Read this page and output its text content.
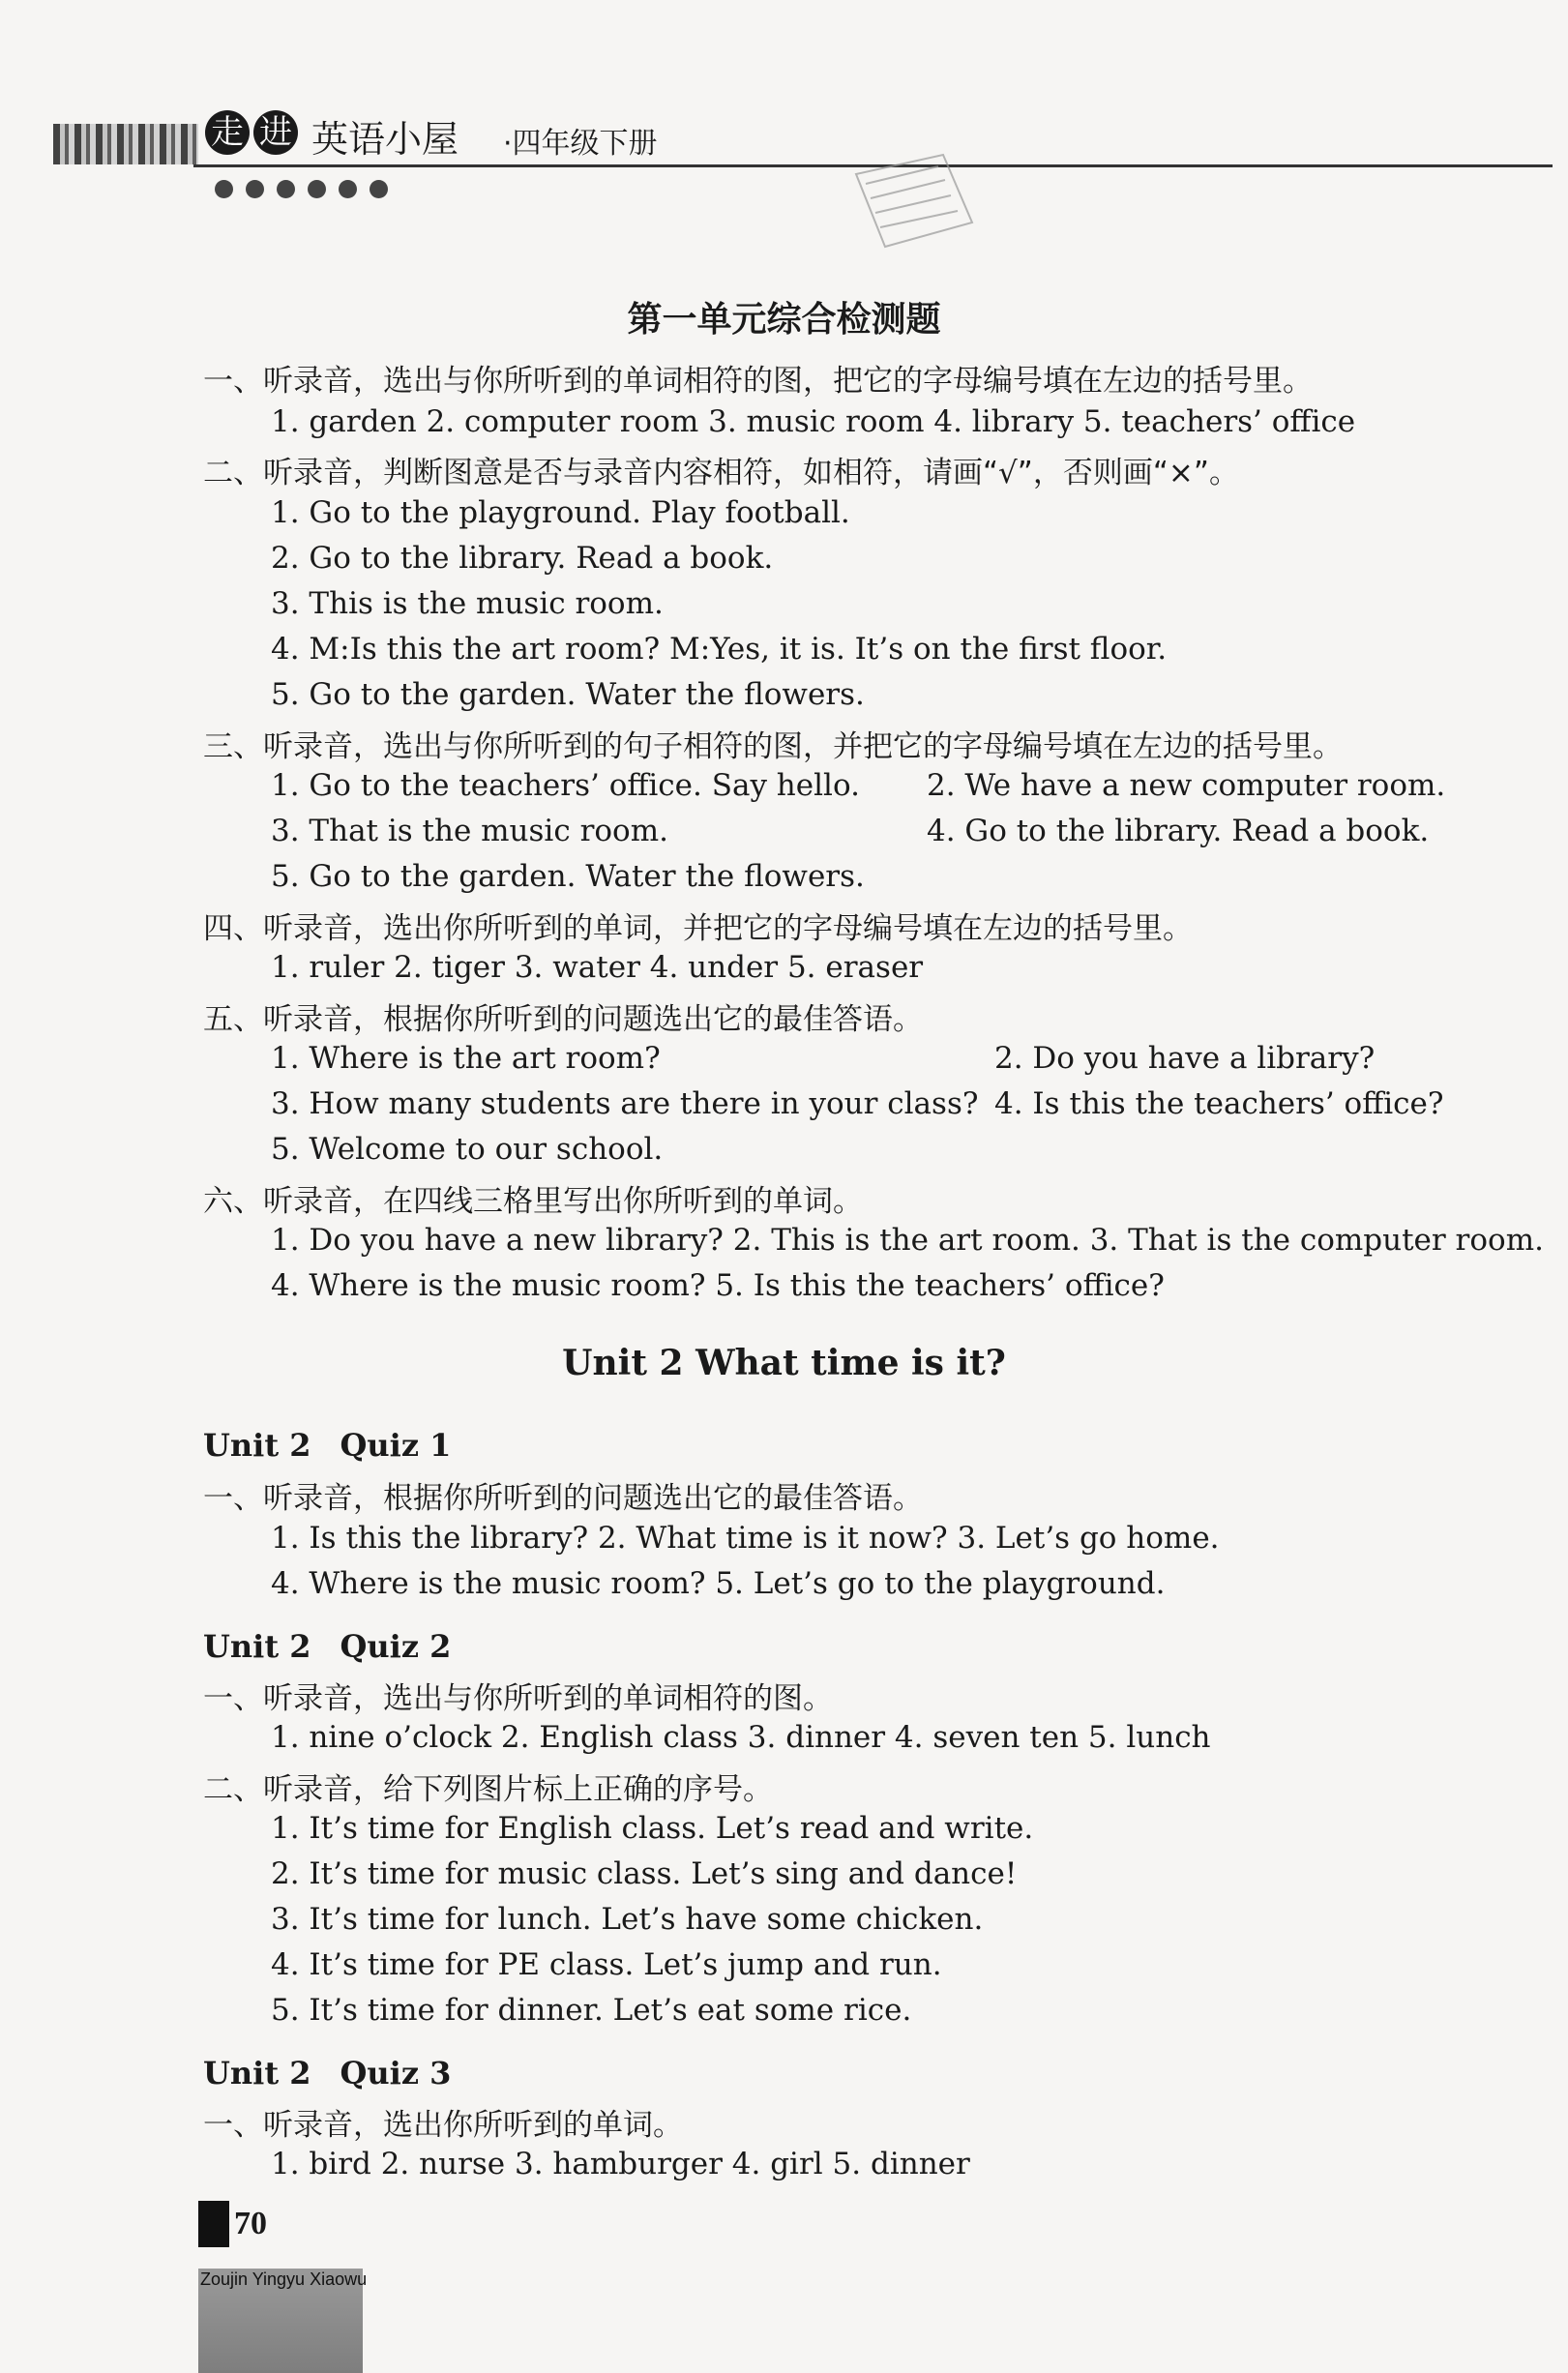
走 进 英语小屋 ·四年级下册
第一单元综合检测题
一、听录音，选出与你所听到的单词相符的图，把它的字母编号填在左边的括号里。
1. garden 2. computer room 3. music room 4. library 5. teachers’ office
二、听录音，判断图意是否与录音内容相符，如相符，请画“√”，否则画“×”。
1. Go to the playground. Play football.
2. Go to the library. Read a book.
3. This is the music room.
4. M:Is this the art room? M:Yes, it is. It’s on the first floor.
5. Go to the garden. Water the flowers.
三、听录音，选出与你所听到的句子相符的图，并把它的字母编号填在左边的括号里。
1. Go to the teachers’ office. Say hello. 2. We have a new computer room.
3. That is the music room.	4. Go to the library. Read a book.
5. Go to the garden. Water the flowers.
四、听录音，选出你所听到的单词，并把它的字母编号填在左边的括号里。
1. ruler 2. tiger 3. water 4. under 5. eraser
五、听录音，根据你所听到的问题选出它的最佳答语。
1. Where is the art room?	2. Do you have a library?
3. How many students are there in your class? 4. Is this the teachers’ office?
5. Welcome to our school.
六、听录音，在四线三格里写出你所听到的单词。
1. Do you have a new library? 2. This is the art room. 3. That is the computer room.
4. Where is the music room? 5. Is this the teachers’ office?
Unit 2 What time is it?
Unit 2 Quiz 1
一、听录音，根据你所听到的问题选出它的最佳答语。
1. Is this the library? 2. What time is it now? 3. Let’s go home.
4. Where is the music room? 5. Let’s go to the playground.
Unit 2 Quiz 2
一、听录音，选出与你所听到的单词相符的图。
1. nine o’clock 2. English class 3. dinner 4. seven ten 5. lunch
二、听录音，给下列图片标上正确的序号。
1. It’s time for English class. Let’s read and write.
2. It’s time for music class. Let’s sing and dance!
3. It’s time for lunch. Let’s have some chicken.
4. It’s time for PE class. Let’s jump and run.
5. It’s time for dinner. Let’s eat some rice.
Unit 2 Quiz 3
一、听录音，选出你所听到的单词。
1. bird 2. nurse 3. hamburger 4. girl 5. dinner
70
Zoujin Yingyu Xiaowu
